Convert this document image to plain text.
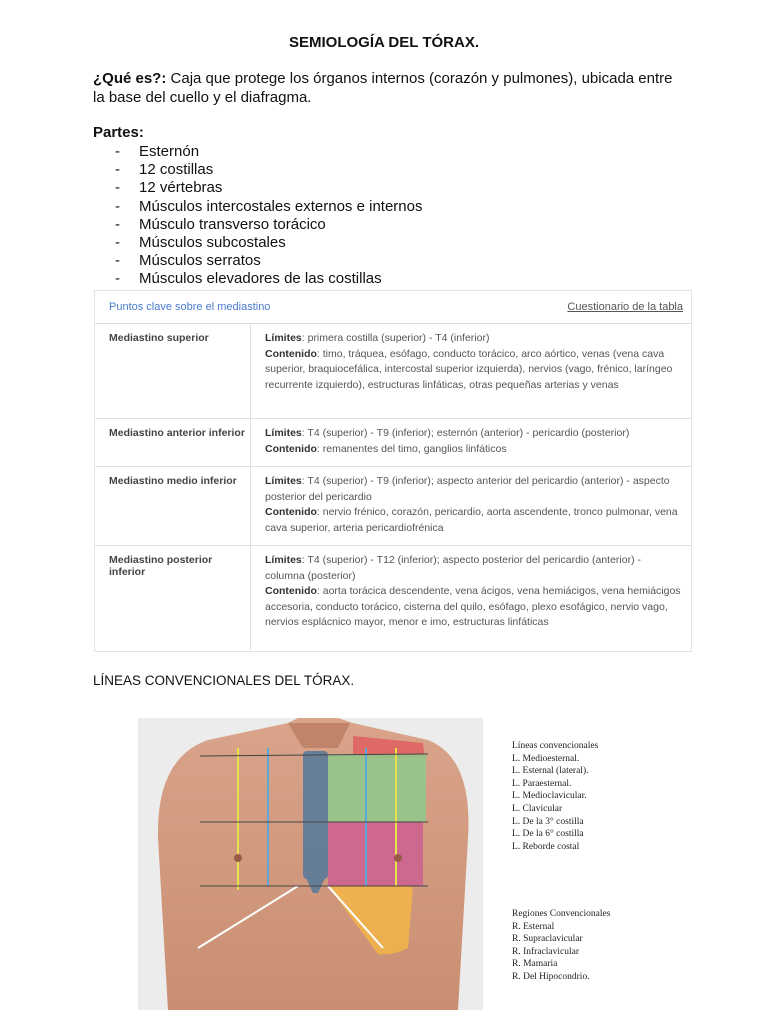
SEMIOLOGÍA DEL TÓRAX.
¿Qué es?: Caja que protege los órganos internos (corazón y pulmones), ubicada entre la base del cuello y el diafragma.
Partes:
- Esternón
- 12 costillas
- 12 vértebras
- Músculos intercostales externos e internos
- Músculo transverso torácico
- Músculos subcostales
- Músculos serratos
- Músculos elevadores de las costillas
Puntos clave sobre el mediastino	Cuestionario de la tabla
Mediastino superior	Límites: primera costilla (superior) - T4 (inferior)
Contenido: timo, tráquea, esófago, conducto torácico, arco aórtico, venas (vena cava superior, braquiocefálica, intercostal superior izquierda), nervios (vago, frénico, laríngeo recurrente izquierdo), estructuras linfáticas, otras pequeñas arterias y venas
Mediastino anterior inferior	Límites: T4 (superior) - T9 (inferior); esternón (anterior) - pericardio (posterior)
Contenido: remanentes del timo, ganglios linfáticos
Mediastino medio inferior	Límites: T4 (superior) - T9 (inferior); aspecto anterior del pericardio (anterior) - aspecto posterior del pericardio
Contenido: nervio frénico, corazón, pericardio, aorta ascendente, tronco pulmonar, vena cava superior, arteria pericardiofrénica
Mediastino posterior inferior
Límites: T4 (superior) - T12 (inferior); aspecto posterior del pericardio (anterior) - columna (posterior)
Contenido: aorta torácica descendente, vena ácigos, vena hemiácigos, vena hemiácigos accesoria, conducto torácico, cisterna del quilo, esófago, plexo esofágico, nervio vago, nervios esplácnico mayor, menor e imo, estructuras linfáticas
LÍNEAS CONVENCIONALES DEL TÓRAX.
Líneas convencionales
L. Medioesternal.
L. Esternal (lateral).
L. Paraesternal.
L. Medioclavicular.
L. Clavicular
L. De la 3° costilla
L. De la 6° costilla
L. Reborde costal
Regiones Convencionales
R. Esternal
R. Supraclavicular
R. Infraclavicular
R. Mamaria
R. Del Hipocondrio.
